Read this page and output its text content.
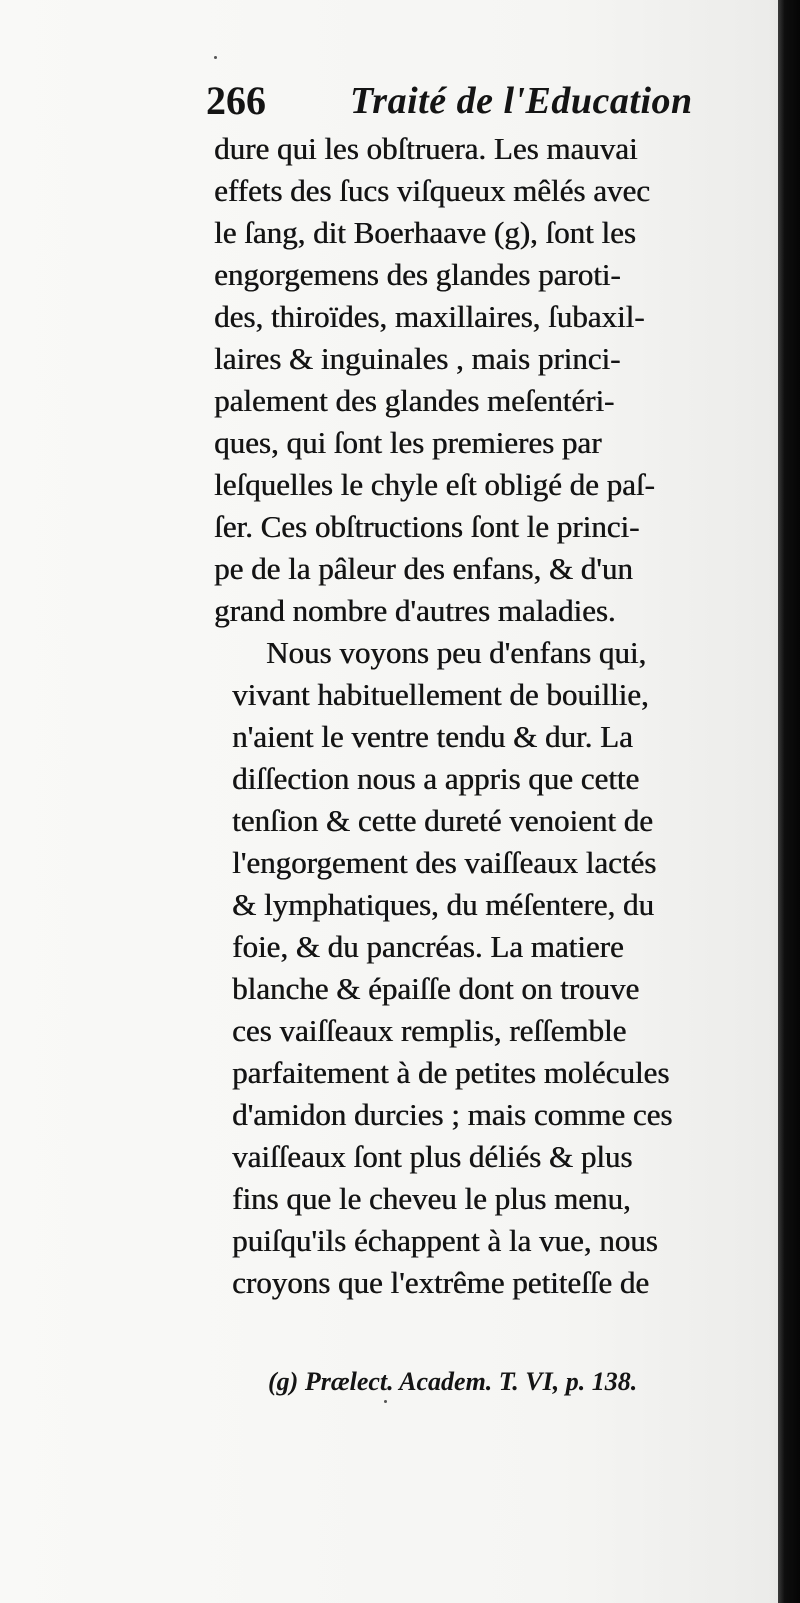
266 Traité de l'Education
dure qui les obſtruera. Les mauvai
effets des ſucs viſqueux mêlés avec
le ſang, dit Boerhaave (g), ſont les
engorgemens des glandes paroti-
des, thiroïdes, maxillaires, ſubaxil-
laires & inguinales , mais princi-
palement des glandes meſentéri-
ques, qui ſont les premieres par
leſquelles le chyle eſt obligé de paſ-
ſer. Ces obſtructions ſont le princi-
pe de la pâleur des enfans, & d'un
grand nombre d'autres maladies.
Nous voyons peu d'enfans qui,
vivant habituellement de bouillie,
n'aient le ventre tendu & dur. La
diſſection nous a appris que cette
tenſion & cette dureté venoient de
l'engorgement des vaiſſeaux lactés
& lymphatiques, du méſentere, du
foie, & du pancréas. La matiere
blanche & épaiſſe dont on trouve
ces vaiſſeaux remplis, reſſemble
parfaitement à de petites molécules
d'amidon durcies ; mais comme ces
vaiſſeaux ſont plus déliés & plus
fins que le cheveu le plus menu,
puiſqu'ils échappent à la vue, nous
croyons que l'extrême petiteſſe de
(g) Prælect. Academ. T. VI, p. 138.
